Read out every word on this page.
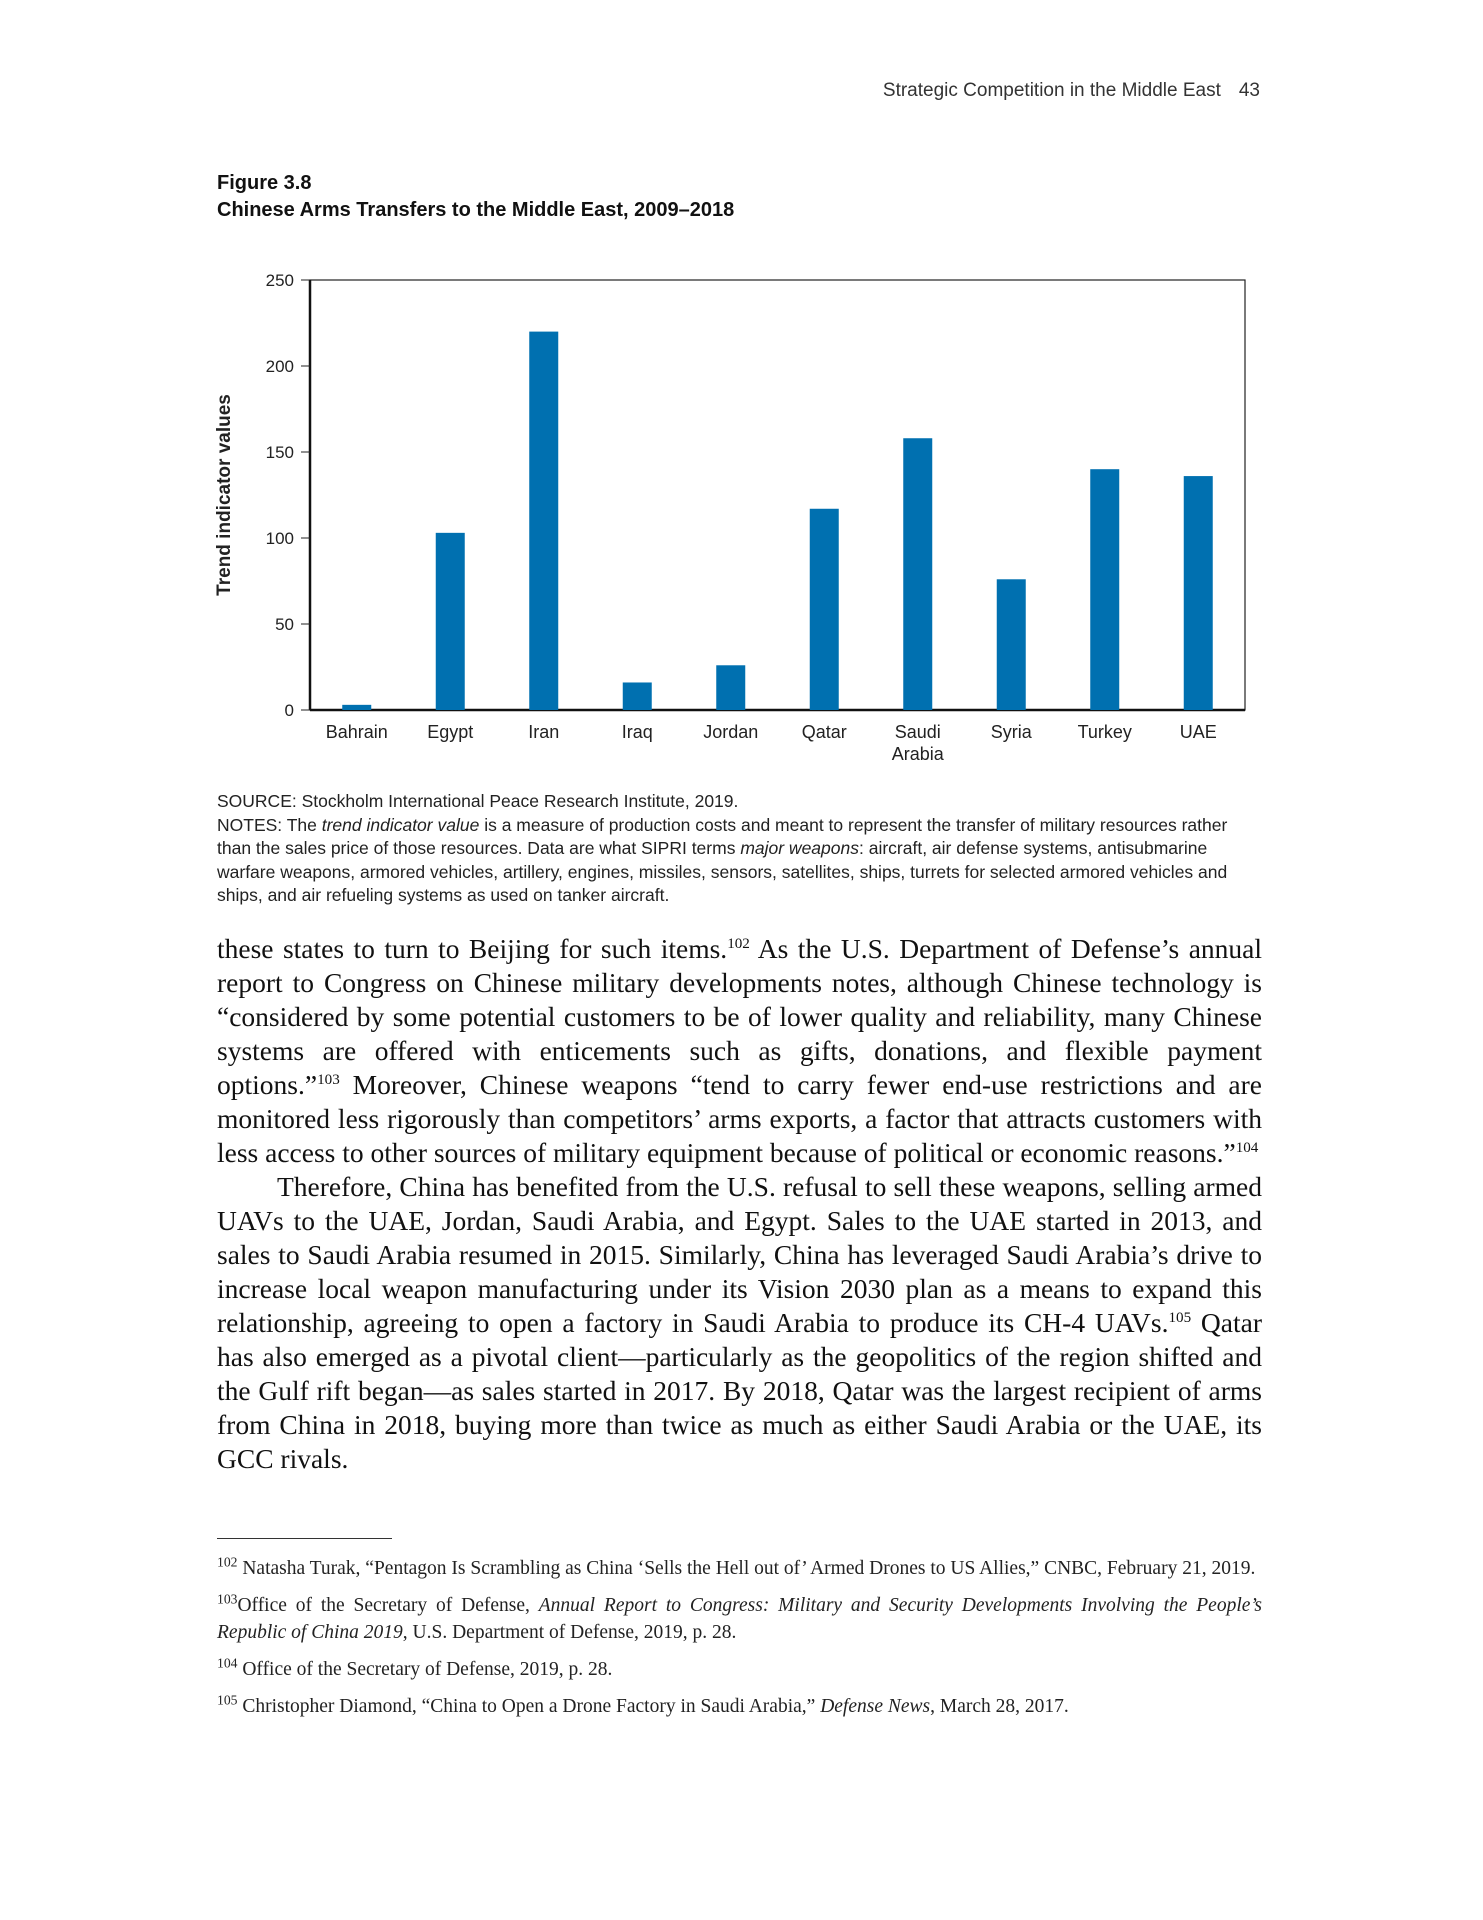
Strategic Competition in the Middle East 43
Figure 3.8
Chinese Arms Transfers to the Middle East, 2009–2018
0
50
100
150
200
250
Trend indicator values
Bahrain Egypt	Iran	Iraq	Jordan Qatar	Saudi Arabia
Syria	Turkey	UAE

SOURCE: Stockholm International Peace Research Institute, 2019.

NOTES: The trend indicator value is a measure of production costs and meant to represent the transfer of military resources rather than the sales price of those resources. Data are what SIPRI terms major weapons: aircraft, air defense systems, antisubmarine warfare weapons, armored vehicles, artillery, engines, missiles, sensors, satellites, ships, turrets for selected armored vehicles and ships, and air refueling systems as used on tanker aircraft.

these states to turn to Beijing for such items.$^{102}$ As the U.S. Department of Defense’s annual report to Congress on Chinese military developments notes, although Chinese technology is “considered by some potential customers to be of lower quality and reliability, many Chinese systems are offered with enticements such as gifts, donations, and flexible payment options.”$^{103}$ Moreover, Chinese weapons “tend to carry fewer end-use restrictions and are monitored less rigorously than competitors’ arms exports, a factor that attracts customers with less access to other sources of military equipment because of political or economic reasons.”$^{104}$

Therefore, China has benefited from the U.S. refusal to sell these weapons, selling armed UAVs to the UAE, Jordan, Saudi Arabia, and Egypt. Sales to the UAE started in 2013, and sales to Saudi Arabia resumed in 2015. Similarly, China has leveraged Saudi Arabia’s drive to increase local weapon manufacturing under its Vision 2030 plan as a means to expand this relationship, agreeing to open a factory in Saudi Arabia to produce its CH-4 UAVs.$^{105}$ Qatar has also emerged as a pivotal client—particularly as the geopolitics of the region shifted and the Gulf rift began—as sales started in 2017. By 2018, Qatar was the largest recipient of arms from China in 2018, buying more than twice as much as either Saudi Arabia or the UAE, its GCC rivals.

$^{102}$ Natasha Turak, “Pentagon Is Scrambling as China ‘Sells the Hell out of’ Armed Drones to US Allies,” CNBC, February 21, 2019.

$^{103}$Office of the Secretary of Defense, Annual Report to Congress: Military and Security Developments Involving the People’s Republic of China 2019, U.S. Department of Defense, 2019, p. 28.

$^{104}$ Office of the Secretary of Defense, 2019, p. 28.

$^{105}$ Christopher Diamond, “China to Open a Drone Factory in Saudi Arabia,” Defense News, March 28, 2017.
